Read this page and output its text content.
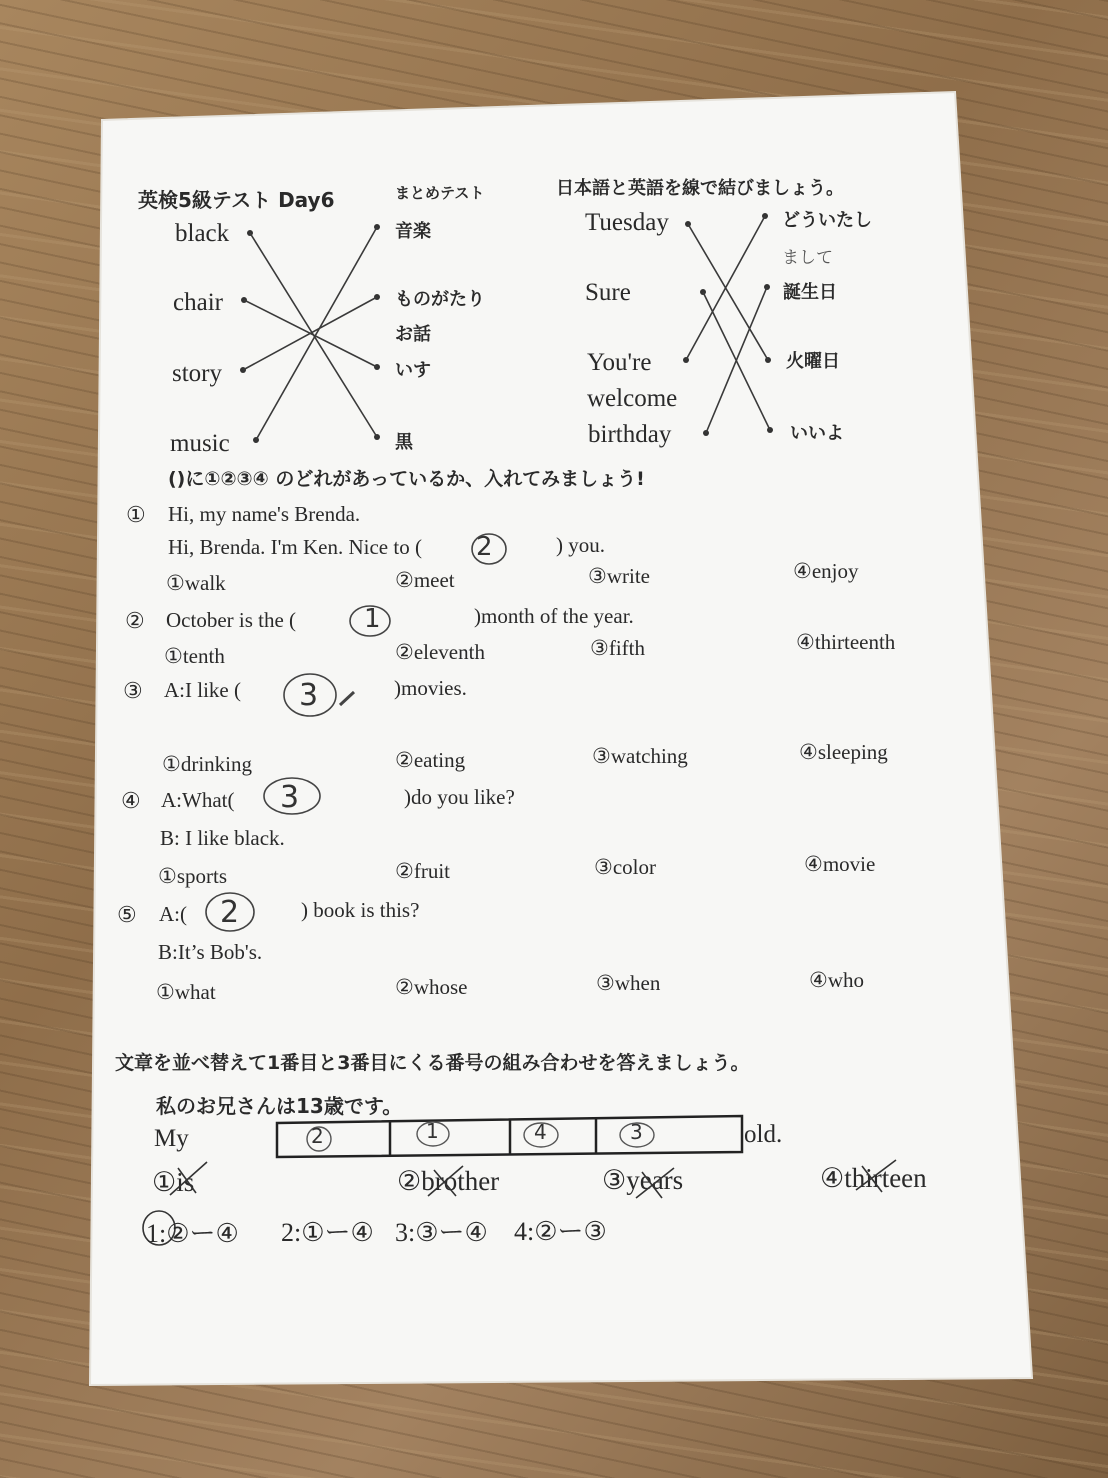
英検5級テスト Day6	まとめテスト	日本語と英語を線で結びましょう。
black
chair
story
music
音楽
ものがたり
お話
いす
黒
Tuesday
Sure
You're
welcome
birthday
どういたし
まして
誕生日
火曜日
いいよ
()に①②③④ のどれがあっているか、入れてみましょう!
① Hi, my name's Brenda.
Hi, Brenda. I'm Ken. Nice to ( 2	) you.
①walk	②meet	③write	④enjoy
② October is the (	1	)month of the year.
①tenth	②eleventh	③fifth	④thirteenth
③ A:I like ( 3	)movies.
①drinking	②eating	③watching	④sleeping
④ A:What( 3	)do you like?
B: I like black.
①sports	②fruit	③color	④movie
⑤ A:( 2	) book is this?
B:It’s Bob's.
①what	②whose	③when	④who
文章を並べ替えて1番目と3番目にくる番号の組み合わせを答えましょう。
私のお兄さんは13歳です。
My	2	1	4	3	old.
①is	②brother	③years	④thirteen
1:②ー④ 2:①ー④ 3:③ー④ 4:②ー③
